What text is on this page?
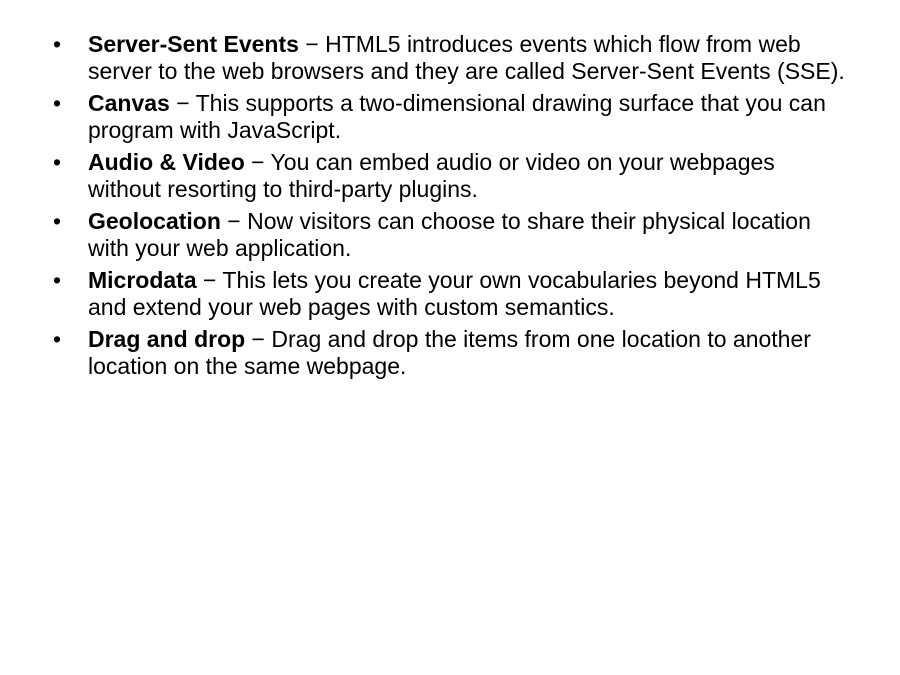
•	Server-Sent Events − HTML5 introduces events which flow from web server to the web browsers and they are called Server-Sent Events (SSE).
•	Canvas − This supports a two-dimensional drawing surface that you can program with JavaScript.
•	Audio & Video − You can embed audio or video on your webpages without resorting to third-party plugins.
•	Geolocation − Now visitors can choose to share their physical location with your web application.
•	Microdata − This lets you create your own vocabularies beyond HTML5 and extend your web pages with custom semantics.
•	Drag and drop − Drag and drop the items from one location to another location on the same webpage.
